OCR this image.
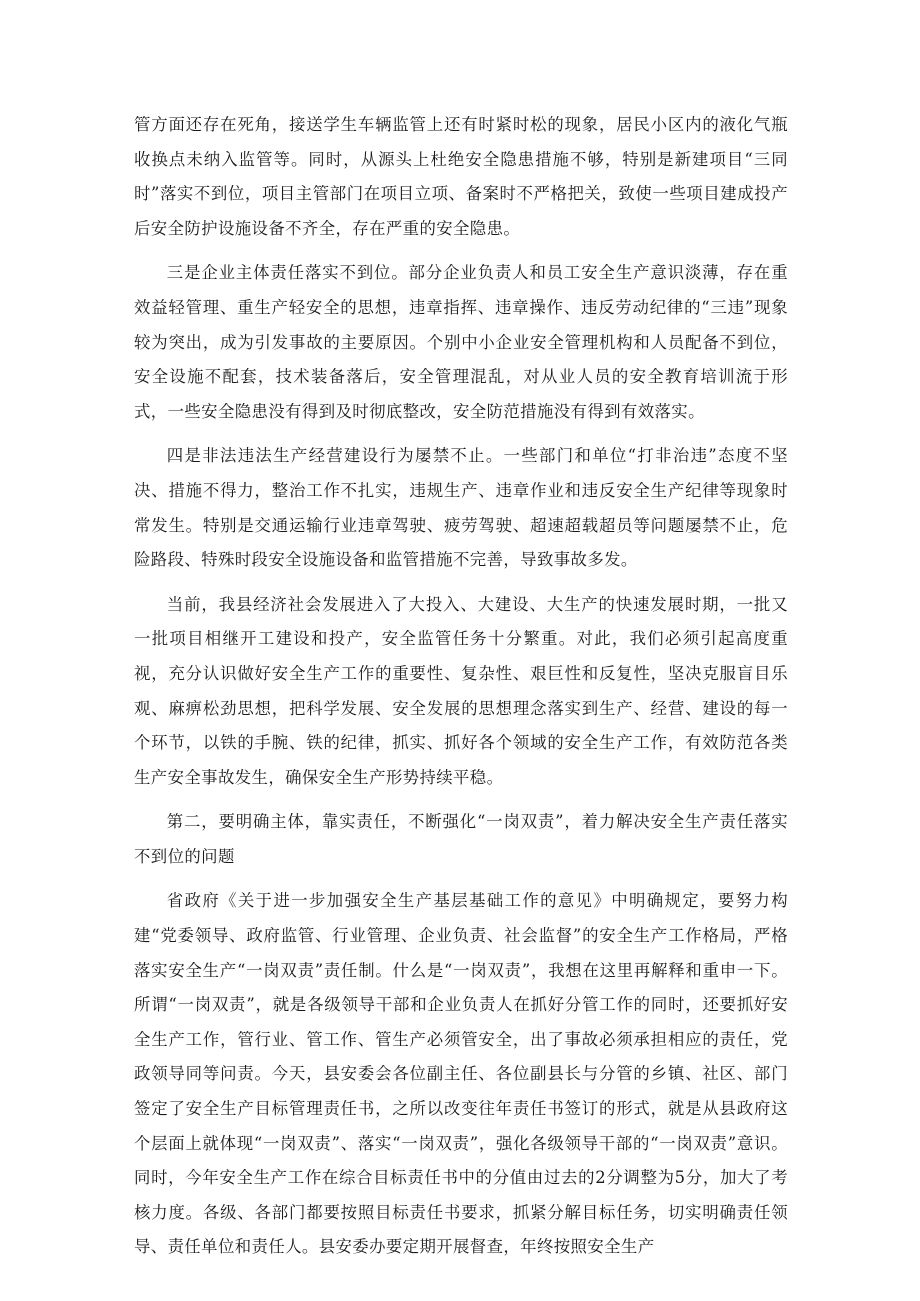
管方面还存在死角，接送学生车辆监管上还有时紧时松的现象，居民小区内的液化气瓶收换点未纳入监管等。同时，从源头上杜绝安全隐患措施不够，特别是新建项目“三同时”落实不到位，项目主管部门在项目立项、备案时不严格把关，致使一些项目建成投产后安全防护设施设备不齐全，存在严重的安全隐患。

三是企业主体责任落实不到位。部分企业负责人和员工安全生产意识淡薄，存在重效益轻管理、重生产轻安全的思想，违章指挥、违章操作、违反劳动纪律的“三违”现象较为突出，成为引发事故的主要原因。个别中小企业安全管理机构和人员配备不到位，安全设施不配套，技术装备落后，安全管理混乱，对从业人员的安全教育培训流于形式，一些安全隐患没有得到及时彻底整改，安全防范措施没有得到有效落实。

四是非法违法生产经营建设行为屡禁不止。一些部门和单位“打非治违”态度不坚决、措施不得力，整治工作不扎实，违规生产、违章作业和违反安全生产纪律等现象时常发生。特别是交通运输行业违章驾驶、疲劳驾驶、超速超载超员等问题屡禁不止，危险路段、特殊时段安全设施设备和监管措施不完善，导致事故多发。

当前，我县经济社会发展进入了大投入、大建设、大生产的快速发展时期，一批又一批项目相继开工建设和投产，安全监管任务十分繁重。对此，我们必须引起高度重视，充分认识做好安全生产工作的重要性、复杂性、艰巨性和反复性，坚决克服盲目乐观、麻痹松劲思想，把科学发展、安全发展的思想理念落实到生产、经营、建设的每一个环节，以铁的手腕、铁的纪律，抓实、抓好各个领域的安全生产工作，有效防范各类生产安全事故发生，确保安全生产形势持续平稳。

第二，要明确主体，靠实责任，不断强化“一岗双责”，着力解决安全生产责任落实不到位的问题

省政府《关于进一步加强安全生产基层基础工作的意见》中明确规定，要努力构建“党委领导、政府监管、行业管理、企业负责、社会监督”的安全生产工作格局，严格落实安全生产“一岗双责”责任制。什么是“一岗双责”，我想在这里再解释和重申一下。所谓“一岗双责”，就是各级领导干部和企业负责人在抓好分管工作的同时，还要抓好安全生产工作，管行业、管工作、管生产必须管安全，出了事故必须承担相应的责任，党政领导同等问责。今天，县安委会各位副主任、各位副县长与分管的乡镇、社区、部门签定了安全生产目标管理责任书，之所以改变往年责任书签订的形式，就是从县政府这个层面上就体现“一岗双责”、落实“一岗双责”，强化各级领导干部的“一岗双责”意识。同时，今年安全生产工作在综合目标责任书中的分值由过去的2分调整为5分，加大了考核力度。各级、各部门都要按照目标责任书要求，抓紧分解目标任务，切实明确责任领导、责任单位和责任人。县安委办要定期开展督查，年终按照安全生产
